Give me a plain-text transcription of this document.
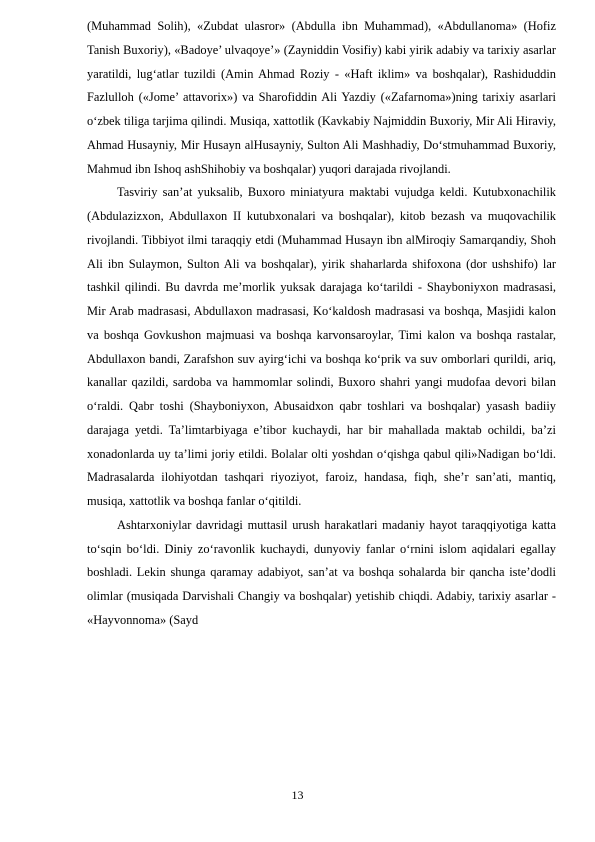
(Muhammad Solih), «Zubdat ulasror» (Abdulla ibn Muhammad), «Abdullanoma» (Hofiz Tanish Buxoriy), «Badoye’ ulvaqoye’» (Zayniddin Vosifiy) kabi yirik adabiy va tarixiy asarlar yaratildi, lug‘atlar tuzildi (Amin Ahmad Roziy - «Haft iklim» va boshqalar), Rashiduddin Fazlulloh («Jome’ attavorix») va Sharofiddin Ali Yazdiy («Zafarnoma»)ning tarixiy asarlari o‘zbek tiliga tarjima qilindi. Musiqa, xattotlik (Kavkabiy Najmiddin Buxoriy, Mir Ali Hiraviy, Ahmad Husayniy, Mir Husayn alHusayniy, Sulton Ali Mashhadiy, Do‘stmuhammad Buxoriy, Mahmud ibn Ishoq ashShihobiy va boshqalar) yuqori darajada rivojlandi.

Tasviriy san’at yuksalib, Buxoro miniatyura maktabi vujudga keldi. Kutubxonachilik (Abdulazizxon, Abdullaxon II kutubxonalari va boshqalar), kitob bezash va muqovachilik rivojlandi. Tibbiyot ilmi taraqqiy etdi (Muhammad Husayn ibn alMiroqiy Samarqandiy, Shoh Ali ibn Sulaymon, Sulton Ali va boshqalar), yirik shaharlarda shifoxona (dor ushshifo) lar tashkil qilindi. Bu davrda me’morlik yuksak darajaga ko‘tarildi - Shayboniyxon madrasasi, Mir Arab madrasasi, Abdullaxon madrasasi, Ko‘kaldosh madrasasi va boshqa, Masjidi kalon va boshqa Govkushon majmuasi va boshqa karvonsaroylar, Timi kalon va boshqa rastalar, Abdullaxon bandi, Zarafshon suv ayirg‘ichi va boshqa ko‘prik va suv omborlari qurildi, ariq, kanallar qazildi, sardoba va hammomlar solindi, Buxoro shahri yangi mudofaa devori bilan o‘raldi. Qabr toshi (Shayboniyxon, Abusaidxon qabr toshlari va boshqalar) yasash badiiy darajaga yetdi. Ta’limtarbiyaga e’tibor kuchaydi, har bir mahallada maktab ochildi, ba’zi xonadonlarda uy ta’limi joriy etildi. Bolalar olti yoshdan o‘qishga qabul qili»Nadigan bo‘ldi. Madrasalarda ilohiyotdan tashqari riyoziyot, faroiz, handasa, fiqh, she’r san’ati, mantiq, musiqa, xattotlik va boshqa fanlar o‘qitildi.

Ashtarxoniylar davridagi muttasil urush harakatlari madaniy hayot taraqqiyotiga katta to‘sqin bo‘ldi. Diniy zo‘ravonlik kuchaydi, dunyoviy fanlar o‘rnini islom aqidalari egallay boshladi. Lekin shunga qaramay adabiyot, san’at va boshqa sohalarda bir qancha iste’dodli olimlar (musiqada Darvishali Changiy va boshqalar) yetishib chiqdi. Adabiy, tarixiy asarlar - «Hayvonnoma» (Sayd

13
